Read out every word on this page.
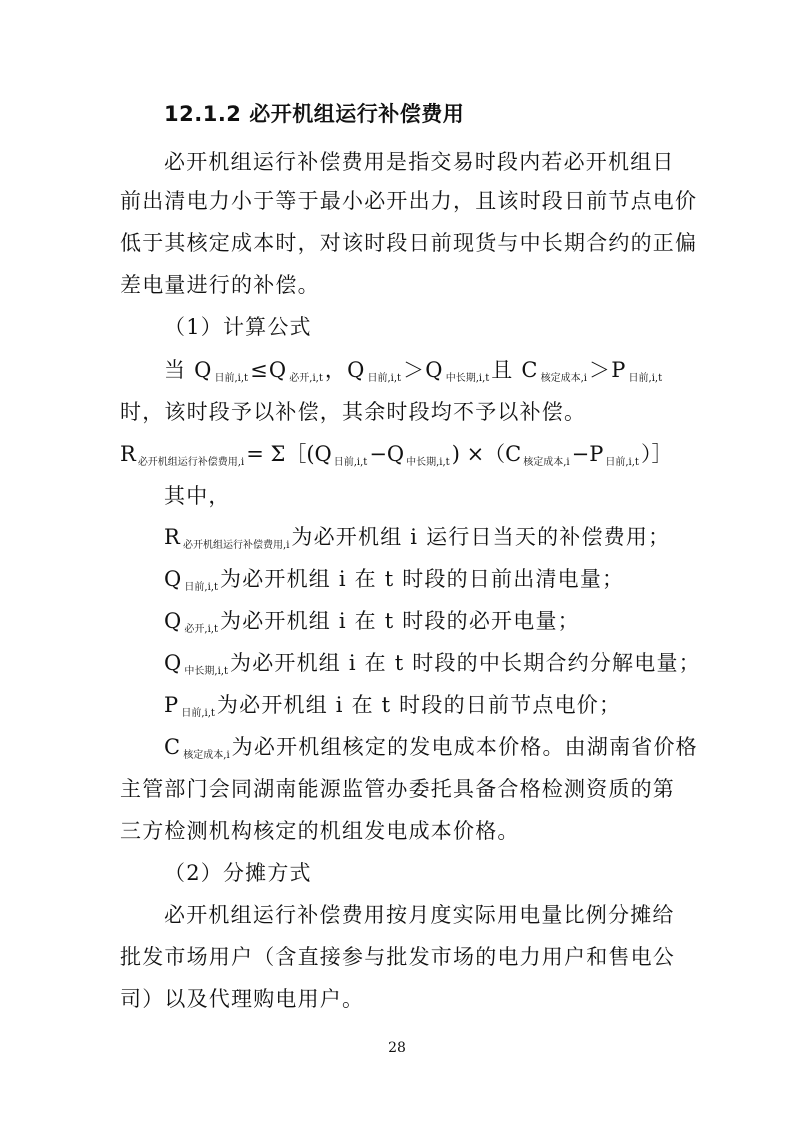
12.1.2 必开机组运行补偿费用
必开机组运行补偿费用是指交易时段内若必开机组日
前出清电力小于等于最小必开出力，且该时段日前节点电价
低于其核定成本时，对该时段日前现货与中长期合约的正偏
差电量进行的补偿。
（1）计算公式
当 Q 日前,i,t≤Q 必开,i,t，Q 日前,i,t＞Q 中长期,i,t且 C 核定成本,i＞P 日前,i,t
时，该时段予以补偿，其余时段均不予以补偿。
R必开机组运行补偿费用,i= Σ［(Q 日前,i,t−Q 中长期,i,t) ×（C 核定成本,i−P 日前,i,t）］
其中，
R必开机组运行补偿费用,i为必开机组 i 运行日当天的补偿费用；
Q日前,i,t为必开机组 i 在 t 时段的日前出清电量；
Q必开,i,t为必开机组 i 在 t 时段的必开电量；
Q中长期,i,t为必开机组 i 在 t 时段的中长期合约分解电量；
P日前,i,t为必开机组 i 在 t 时段的日前节点电价；
C核定成本,i为必开机组核定的发电成本价格。由湖南省价格
主管部门会同湖南能源监管办委托具备合格检测资质的第
三方检测机构核定的机组发电成本价格。
（2）分摊方式
必开机组运行补偿费用按月度实际用电量比例分摊给
批发市场用户（含直接参与批发市场的电力用户和售电公
司）以及代理购电用户。
28
